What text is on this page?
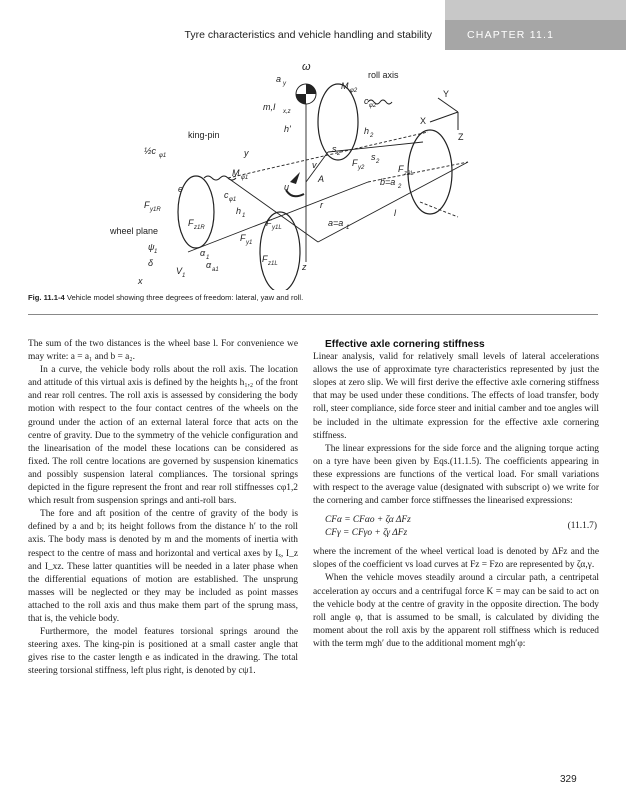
Tyre characteristics and vehicle handling and stability	CHAPTER 11.1
ω
roll axis
a y
m,I x,z
M φ2
c φ2
Y
X
Z
king-pin
½c φ1	y
h'	h 2
s 2	s 2
F y2	F z2L
b=a 2
e
M φ1
v
u
A
F y1R
c φ1
h 1
r
l
F z1R	F y1L	a=a 1
wheel plane
F y1
ψ 1	α 1
α a1
δ
V 1
F z1L	z
x
Fig. 11.1-4 Vehicle model showing three degrees of freedom: lateral, yaw and roll.

The sum of the two distances is the wheel base l. For convenience we may write: a = a₁ and b = a₂.

In a curve, the vehicle body rolls about the roll axis. The location and attitude of this virtual axis is defined by the heights h₁,₂ of the front and rear roll centres. The roll axis is assessed by considering the body motion with respect to the four contact centres of the wheels on the ground under the action of an external lateral force that acts on the centre of gravity. Due to the symmetry of the vehicle configuration and the linearisation of the model these locations can be considered as fixed. The roll centre locations are governed by suspension kinematics and possibly suspension lateral compliances. The torsional springs depicted in the figure represent the front and rear roll stiffnesses cφ1,2 which result from suspension springs and anti-roll bars.

The fore and aft position of the centre of gravity of the body is defined by a and b; its height follows from the distance h′ to the roll axis. The body mass is denoted by m and the moments of inertia with respect to the centre of mass and horizontal and vertical axes by Iₓ, I_z and I_xz. These latter quantities will be needed in a later phase when the differential equations of motion are established. The unsprung masses will be neglected or they may be included as point masses attached to the roll axis and thus make them part of the sprung mass, that is, the vehicle body.

Furthermore, the model features torsional springs around the steering axes. The king-pin is positioned at a small caster angle that gives rise to the caster length e as indicated in the drawing. The total steering torsional stiffness, left plus right, is denoted by cψ1.

Effective axle cornering stiffness

Linear analysis, valid for relatively small levels of lateral accelerations allows the use of approximate tyre characteristics represented by just the slopes at zero slip. We will first derive the effective axle cornering stiffness that may be used under these conditions. The effects of load transfer, body roll, steer compliance, side force steer and initial camber and toe angles will be included in the ultimate expression for the effective axle cornering stiffness.

The linear expressions for the side force and the aligning torque acting on a tyre have been given by Eqs.(11.1.5). The coefficients appearing in these expressions are functions of the vertical load. For small variations with respect to the average value (designated with subscript o) we write for the cornering and camber force stiffnesses the linearised expressions:

CFα = CFαo + ζα ΔFz
CFγ = CFγo + ζγ ΔFz
(11.1.7)

where the increment of the wheel vertical load is denoted by ΔFz and the slopes of the coefficient vs load curves at Fz = Fzo are represented by ζα,γ.

When the vehicle moves steadily around a circular path, a centripetal acceleration ay occurs and a centrifugal force K = may can be said to act on the vehicle body at the centre of gravity in the opposite direction. The body roll angle φ, that is assumed to be small, is calculated by dividing the moment about the roll axis by the apparent roll stiffness which is reduced with the term mgh′ due to the additional moment mgh′φ:

329
